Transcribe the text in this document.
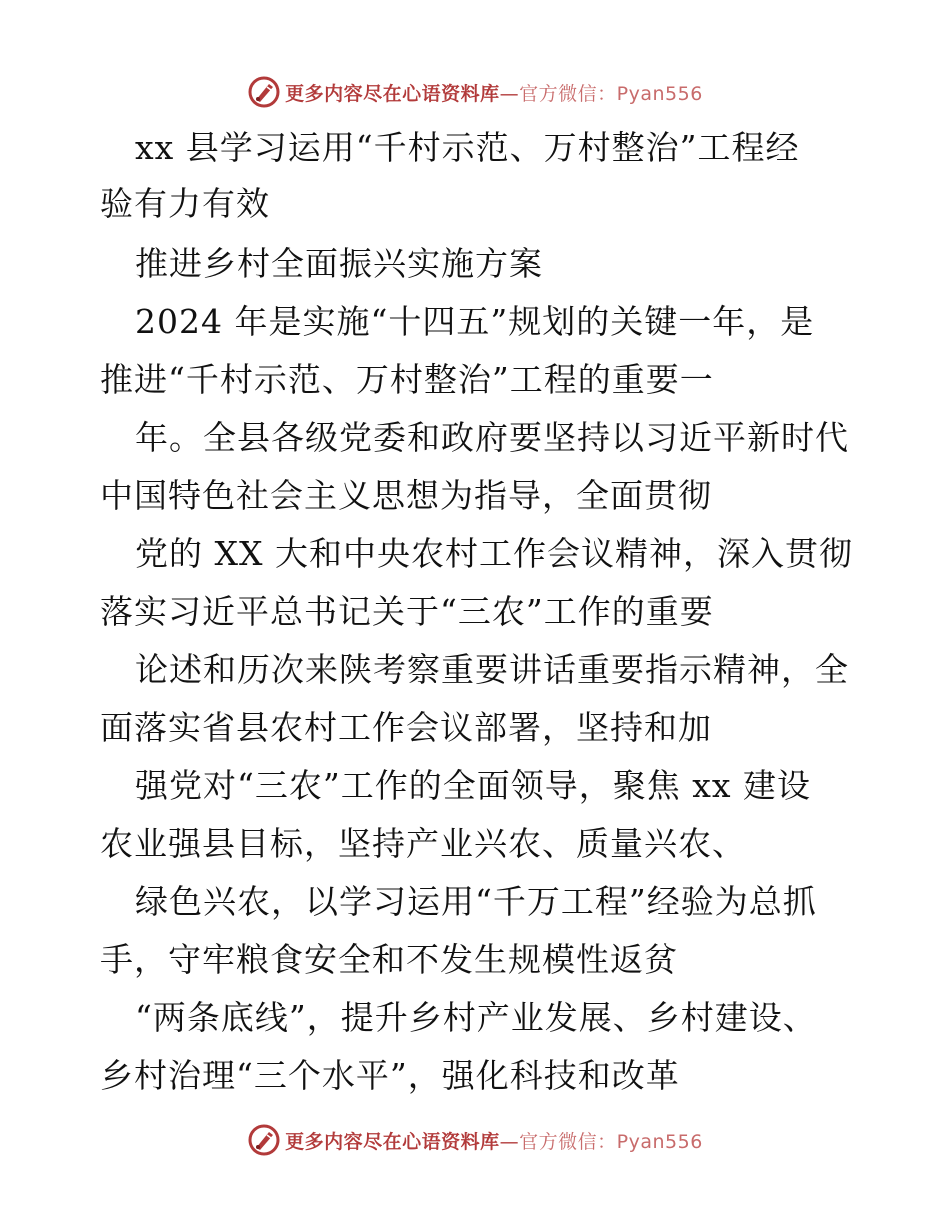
更多内容尽在心语资料库—官方微信：Pyan556
xx 县学习运用“千村示范、万村整治”工程经
验有力有效
推进乡村全面振兴实施方案
2024 年是实施“十四五”规划的关键一年，是
推进“千村示范、万村整治”工程的重要一
年。全县各级党委和政府要坚持以习近平新时代
中国特色社会主义思想为指导，全面贯彻
党的 XX 大和中央农村工作会议精神，深入贯彻
落实习近平总书记关于“三农”工作的重要
论述和历次来陕考察重要讲话重要指示精神，全
面落实省县农村工作会议部署，坚持和加
强党对“三农”工作的全面领导，聚焦 xx 建设
农业强县目标，坚持产业兴农、质量兴农、
绿色兴农，以学习运用“千万工程”经验为总抓
手，守牢粮食安全和不发生规模性返贫
“两条底线”，提升乡村产业发展、乡村建设、
乡村治理“三个水平”，强化科技和改革
更多内容尽在心语资料库—官方微信：Pyan556
